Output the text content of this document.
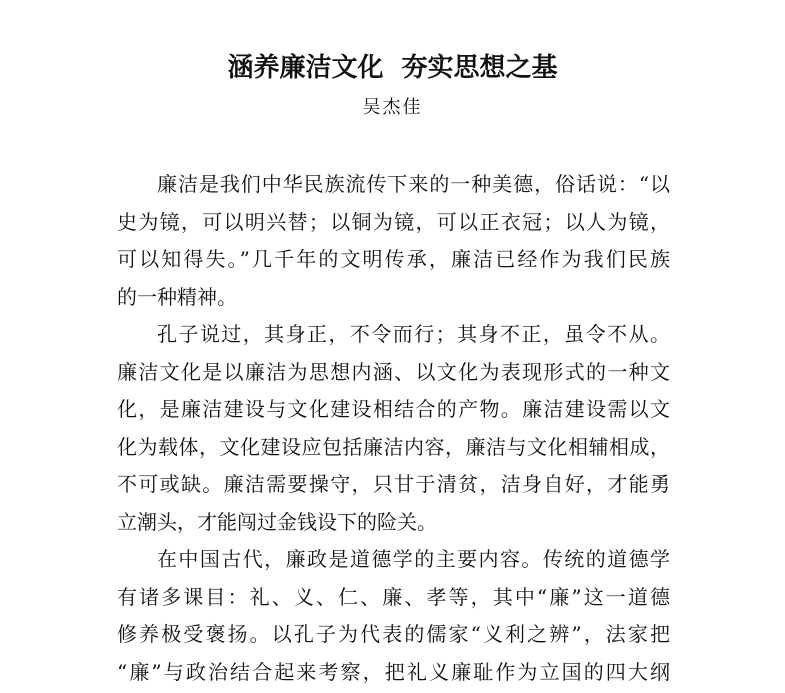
涵养廉洁文化  夯实思想之基
吴杰佳
廉洁是我们中华民族流传下来的一种美德，俗话说：“以
史为镜，可以明兴替；以铜为镜，可以正衣冠；以人为镜，
可以知得失。”几千年的文明传承，廉洁已经作为我们民族
的一种精神。
孔子说过，其身正，不令而行；其身不正，虽令不从。
廉洁文化是以廉洁为思想内涵、以文化为表现形式的一种文
化，是廉洁建设与文化建设相结合的产物。廉洁建设需以文
化为载体，文化建设应包括廉洁内容，廉洁与文化相辅相成，
不可或缺。廉洁需要操守，只甘于清贫，洁身自好，才能勇
立潮头，才能闯过金钱设下的险关。
在中国古代，廉政是道德学的主要内容。传统的道德学
有诸多课目：礼、义、仁、廉、孝等，其中“廉”这一道德
修养极受褒扬。以孔子为代表的儒家“义利之辨”，法家把
“廉”与政治结合起来考察，把礼义廉耻作为立国的四大纲
